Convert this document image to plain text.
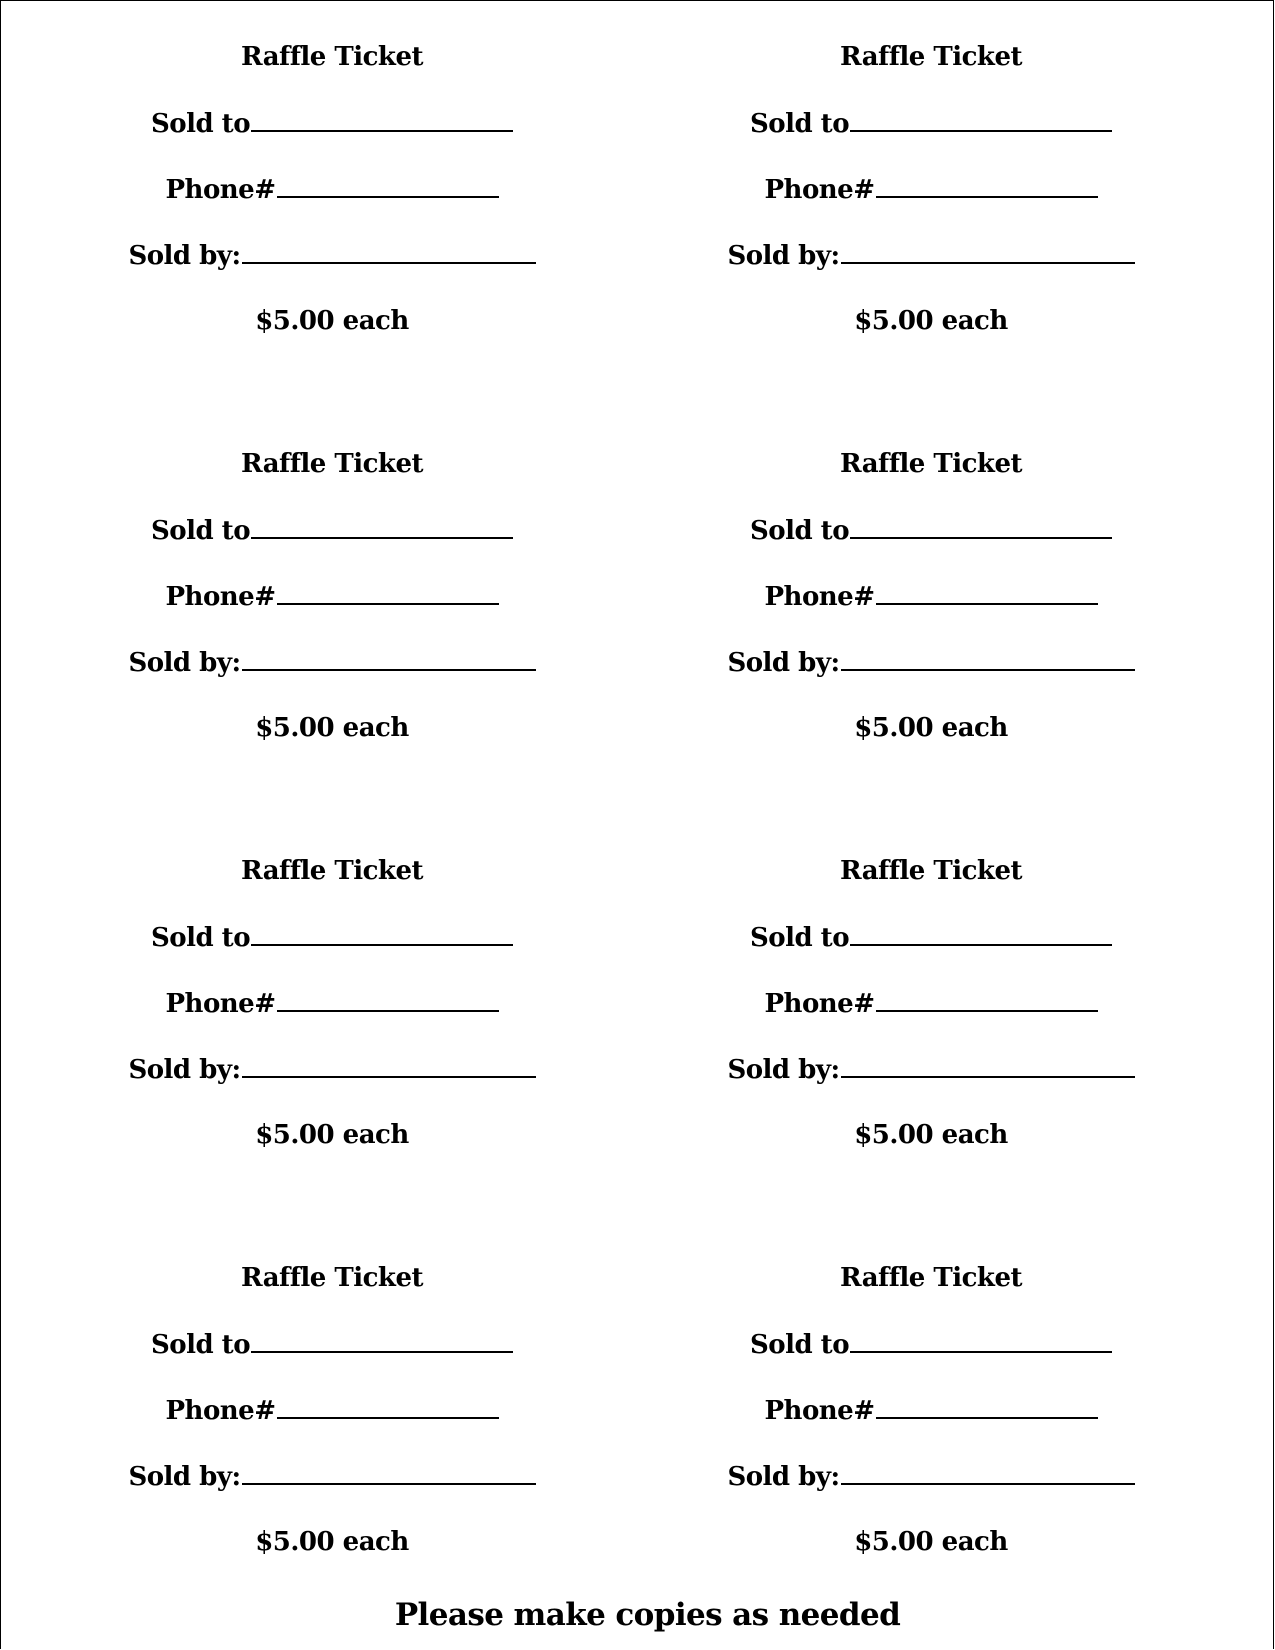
Raffle Ticket
Sold to
Phone#
Sold by:
$5.00 each
Raffle Ticket
Sold to
Phone#
Sold by:
$5.00 each
Raffle Ticket
Sold to
Phone#
Sold by:
$5.00 each
Raffle Ticket
Sold to
Phone#
Sold by:
$5.00 each
Raffle Ticket
Sold to
Phone#
Sold by:
$5.00 each
Raffle Ticket
Sold to
Phone#
Sold by:
$5.00 each
Raffle Ticket
Sold to
Phone#
Sold by:
$5.00 each
Raffle Ticket
Sold to
Phone#
Sold by:
$5.00 each
Please make copies as needed
